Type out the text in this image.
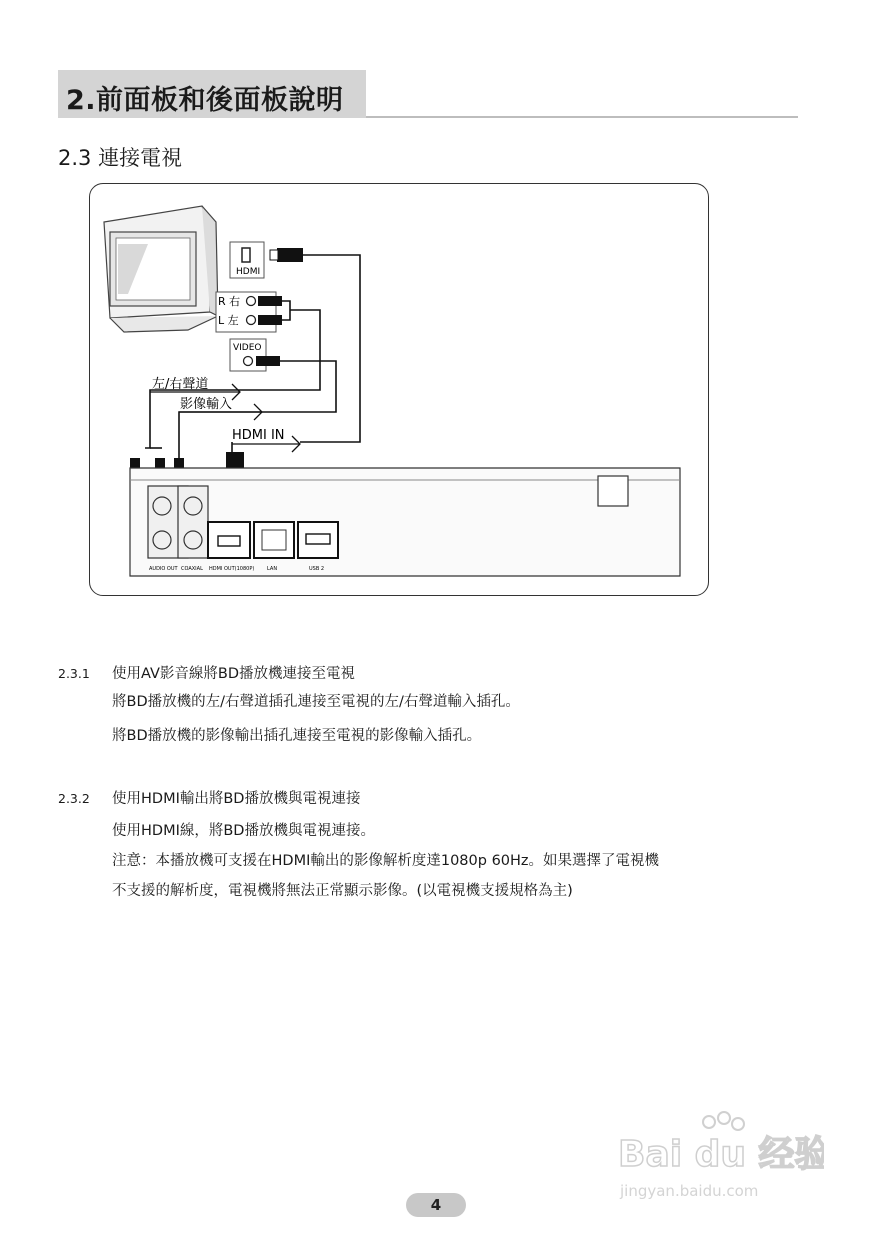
2.前面板和後面板說明
2.3 連接電視
HDMI
R 右
L 左
VIDEO
左/右聲道
影像輸入
HDMI IN
AUDIO OUT COAXIAL HDMI OUT(1080P)	LAN	USB 2
2.3.1 使用AV影音線將BD播放機連接至電視
將BD播放機的左/右聲道插孔連接至電視的左/右聲道輸入插孔。
將BD播放機的影像輸出插孔連接至電視的影像輸入插孔。
2.3.2 使用HDMI輸出將BD播放機與電視連接
使用HDMI線，將BD播放機與電視連接。
注意：本播放機可支援在HDMI輸出的影像解析度達1080p 60Hz。如果選擇了電視機
不支援的解析度，電視機將無法正常顯示影像。(以電視機支援規格為主)
4
Bai du 经验
jingyan.baidu.com
